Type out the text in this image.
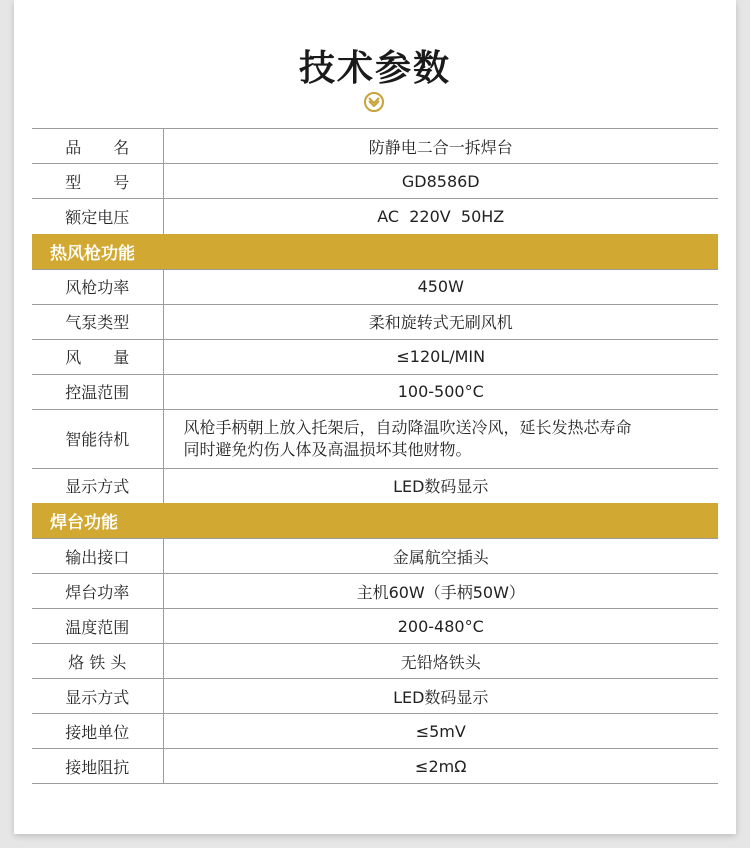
技术参数
品　　名	防静电二合一拆焊台
型　　号	GD8586D
额定电压	AC  220V  50HZ
热风枪功能	
风枪功率	450W
气泵类型	柔和旋转式无刷风机
风　　量	≤120L/MIN
控温范围	100-500°C
智能待机	风枪手柄朝上放入托架后，自动降温吹送冷风，延长发热芯寿命
同时避免灼伤人体及高温损坏其他财物。

显示方式	LED数码显示
焊台功能	
输出接口	金属航空插头
焊台功率	主机60W（手柄50W）
温度范围	200-480°C
烙 铁 头	无铅烙铁头
显示方式	LED数码显示
接地单位	≤5mV
接地阻抗	≤2mΩ
